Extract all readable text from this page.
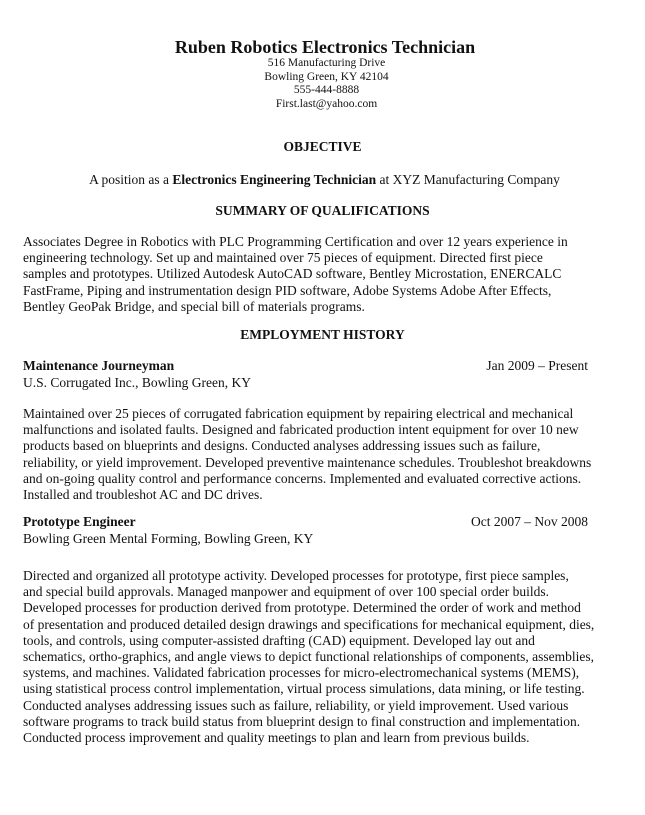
Ruben Robotics Electronics Technician
516 Manufacturing Drive
Bowling Green, KY 42104
555-444-8888
First.last@yahoo.com
OBJECTIVE
A position as a Electronics Engineering Technician at XYZ Manufacturing Company
SUMMARY OF QUALIFICATIONS
Associates Degree in Robotics with PLC Programming Certification and over 12 years experience in
engineering technology. Set up and maintained over 75 pieces of equipment. Directed first piece
samples and prototypes. Utilized Autodesk AutoCAD software, Bentley Microstation, ENERCALC
FastFrame, Piping and instrumentation design PID software, Adobe Systems Adobe After Effects,
Bentley GeoPak Bridge, and special bill of materials programs.
EMPLOYMENT HISTORY
Maintenance Journeyman	Jan 2009 – Present
U.S. Corrugated Inc., Bowling Green, KY
Maintained over 25 pieces of corrugated fabrication equipment by repairing electrical and mechanical
malfunctions and isolated faults. Designed and fabricated production intent equipment for over 10 new
products based on blueprints and designs. Conducted analyses addressing issues such as failure,
reliability, or yield improvement. Developed preventive maintenance schedules. Troubleshot breakdowns
and on-going quality control and performance concerns. Implemented and evaluated corrective actions.
Installed and troubleshot AC and DC drives.
Prototype Engineer	Oct 2007 – Nov 2008
Bowling Green Mental Forming, Bowling Green, KY
Directed and organized all prototype activity. Developed processes for prototype, first piece samples,
and special build approvals. Managed manpower and equipment of over 100 special order builds.
Developed processes for production derived from prototype. Determined the order of work and method
of presentation and produced detailed design drawings and specifications for mechanical equipment, dies,
tools, and controls, using computer-assisted drafting (CAD) equipment. Developed lay out and
schematics, ortho-graphics, and angle views to depict functional relationships of components, assemblies,
systems, and machines. Validated fabrication processes for micro-electromechanical systems (MEMS),
using statistical process control implementation, virtual process simulations, data mining, or life testing.
Conducted analyses addressing issues such as failure, reliability, or yield improvement. Used various
software programs to track build status from blueprint design to final construction and implementation.
Conducted process improvement and quality meetings to plan and learn from previous builds.
